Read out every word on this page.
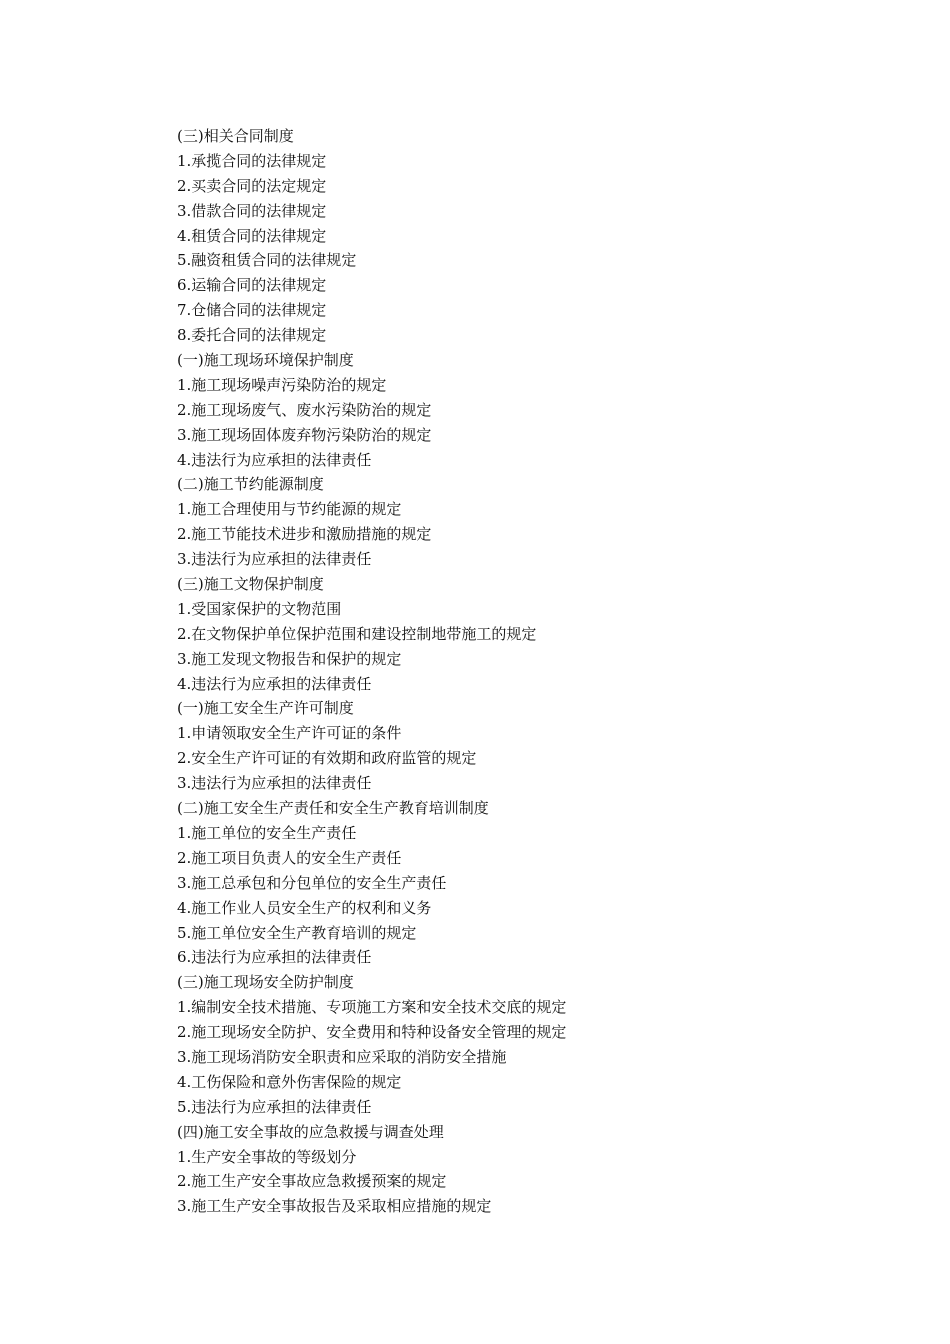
(三)相关合同制度
1.承揽合同的法律规定
2.买卖合同的法定规定
3.借款合同的法律规定
4.租赁合同的法律规定
5.融资租赁合同的法律规定
6.运输合同的法律规定
7.仓储合同的法律规定
8.委托合同的法律规定
(一)施工现场环境保护制度
1.施工现场噪声污染防治的规定
2.施工现场废气、废水污染防治的规定
3.施工现场固体废弃物污染防治的规定
4.违法行为应承担的法律责任
(二)施工节约能源制度
1.施工合理使用与节约能源的规定
2.施工节能技术进步和激励措施的规定
3.违法行为应承担的法律责任
(三)施工文物保护制度
1.受国家保护的文物范围
2.在文物保护单位保护范围和建设控制地带施工的规定
3.施工发现文物报告和保护的规定
4.违法行为应承担的法律责任
(一)施工安全生产许可制度
1.申请领取安全生产许可证的条件
2.安全生产许可证的有效期和政府监管的规定
3.违法行为应承担的法律责任
(二)施工安全生产责任和安全生产教育培训制度
1.施工单位的安全生产责任
2.施工项目负责人的安全生产责任
3.施工总承包和分包单位的安全生产责任
4.施工作业人员安全生产的权利和义务
5.施工单位安全生产教育培训的规定
6.违法行为应承担的法律责任
(三)施工现场安全防护制度
1.编制安全技术措施、专项施工方案和安全技术交底的规定
2.施工现场安全防护、安全费用和特种设备安全管理的规定
3.施工现场消防安全职责和应采取的消防安全措施
4.工伤保险和意外伤害保险的规定
5.违法行为应承担的法律责任
(四)施工安全事故的应急救援与调查处理
1.生产安全事故的等级划分
2.施工生产安全事故应急救援预案的规定
3.施工生产安全事故报告及采取相应措施的规定
